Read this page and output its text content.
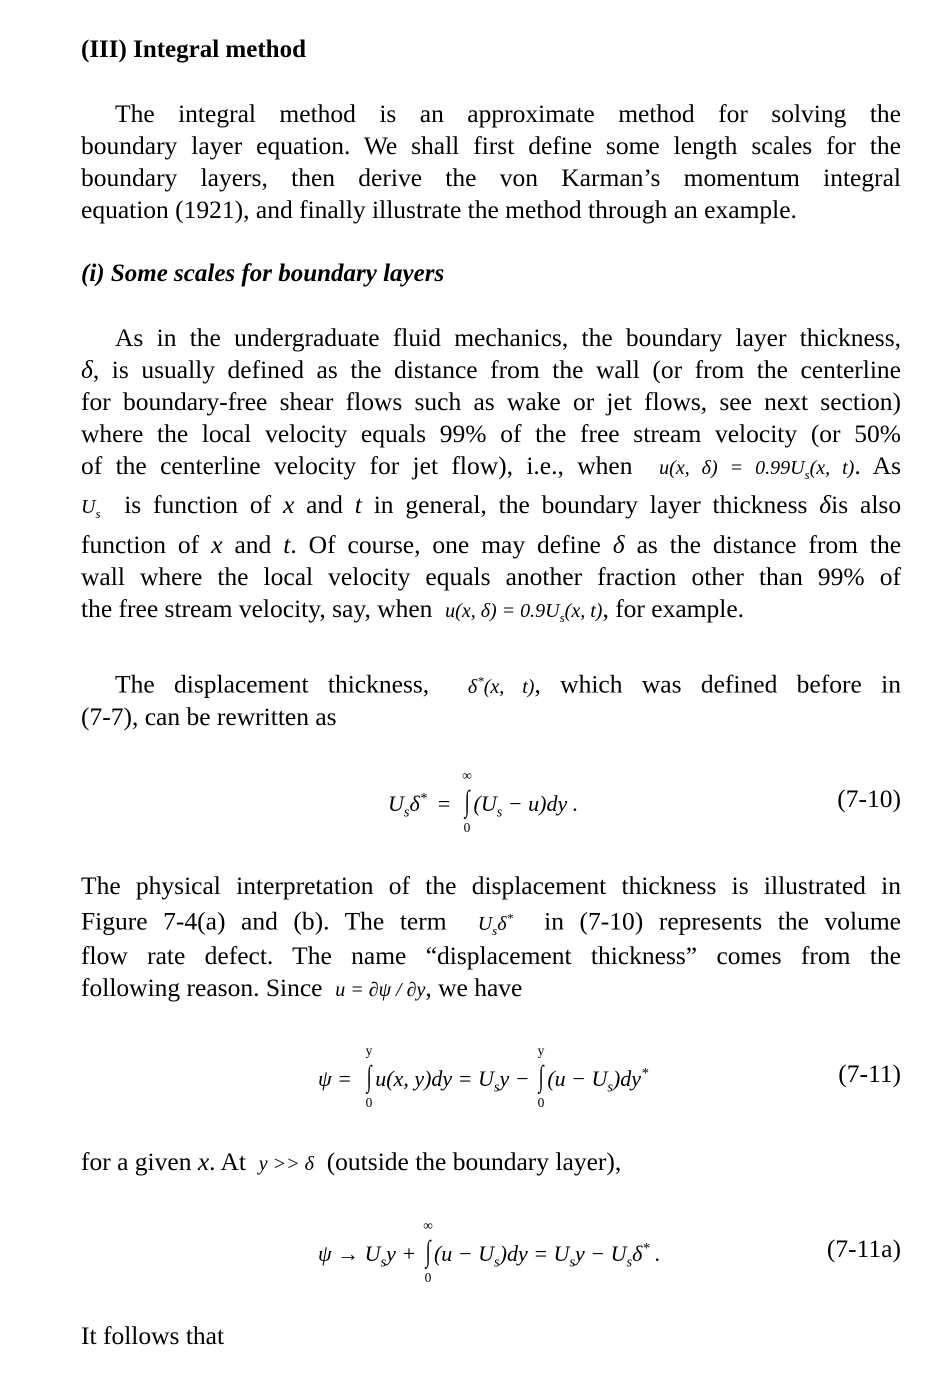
(III) Integral method
The integral method is an approximate method for solving the
boundary layer equation. We shall first define some length scales for the
boundary layers, then derive the von Karman’s momentum integral
equation (1921), and finally illustrate the method through an example.
(i) Some scales for boundary layers
As in the undergraduate fluid mechanics, the boundary layer thickness,
δ, is usually defined as the distance from the wall (or from the centerline
for boundary-free shear flows such as wake or jet flows, see next section)
where the local velocity equals 99% of the free stream velocity (or 50%
of the centerline velocity for jet flow), i.e., when u(x, $\delta) = 0.99U_s(x$, t). As
$U_s$ is function of x and t in general, the boundary layer thickness δis also
function of x and t. Of course, one may define δ as the distance from the
wall where the local velocity equals another fraction other than 99% of
the free stream velocity, say, when u(x, $\delta) = 0.9U_s(x$, t), for example.
The displacement thickness, δ*(x, t), which was defined before in
(7-7), can be rewritten as
$U_s\delta^*$ = ∫
∞
0
$(U_s - u)dy$ .	(7-10)
The physical interpretation of the displacement thickness is illustrated in
Figure 7-4(a) and (b). The term $U_s\delta^*$ in (7-10) represents the volume
flow rate defect. The name “displacement thickness” comes from the
following reason. Since u = ∂ψ / ∂y, we have
ψ = ∫
y
0
u(x, $y)dy = U_sy$ − ∫
y
0
$(u - U_s)dy^*$	(7-11)
for a given x. At y >> δ (outside the boundary layer),
$\psi \to U_sy$ + ∫
∞
0
$(u - U_s)dy = U_sy - U_s\delta^*$ .	(7-11a)
It follows that
